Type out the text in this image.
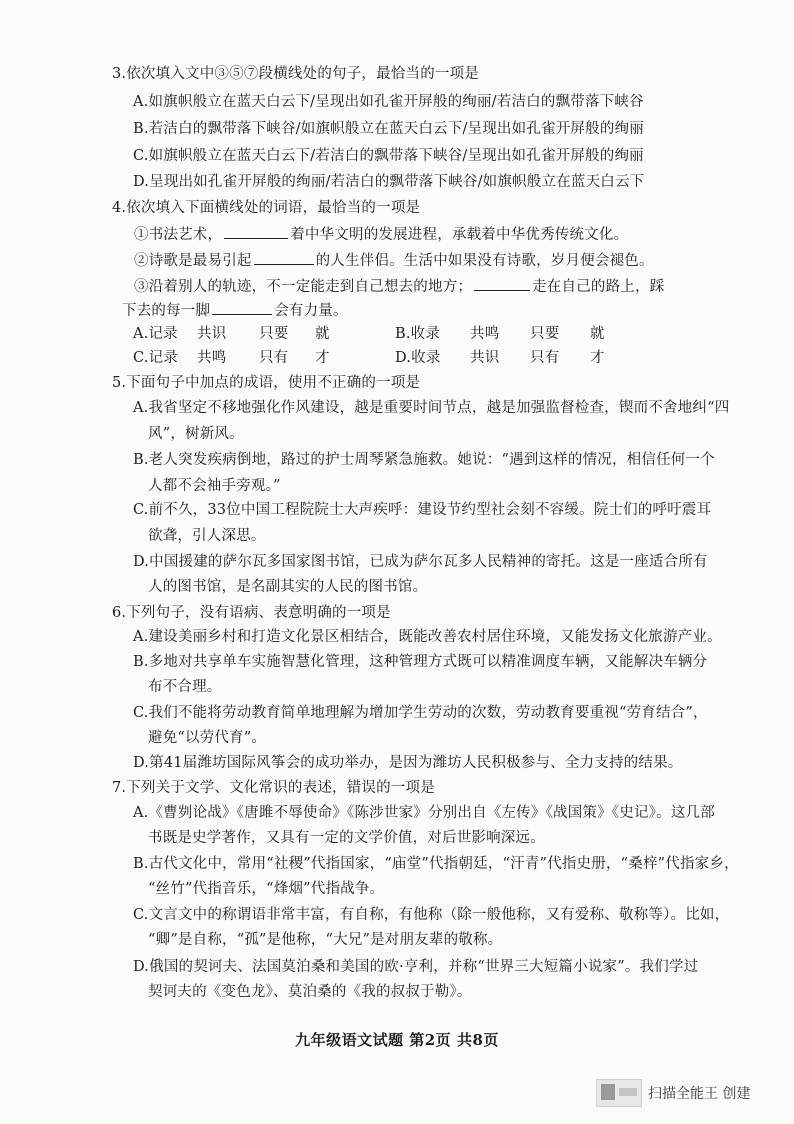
3.依次填入文中③⑤⑦段横线处的句子，最恰当的一项是
A.如旗帜般立在蓝天白云下/呈现出如孔雀开屏般的绚丽/若洁白的飘带落下峡谷
B.若洁白的飘带落下峡谷/如旗帜般立在蓝天白云下/呈现出如孔雀开屏般的绚丽
C.如旗帜般立在蓝天白云下/若洁白的飘带落下峡谷/呈现出如孔雀开屏般的绚丽
D.呈现出如孔雀开屏般的绚丽/若洁白的飘带落下峡谷/如旗帜般立在蓝天白云下
4.依次填入下面横线处的词语，最恰当的一项是
①书法艺术，	着中华文明的发展进程，承载着中华优秀传统文化。
②诗歌是最易引起	的人生伴侣。生活中如果没有诗歌，岁月便会褪色。
③沿着别人的轨迹，不一定能走到自己想去的地方；	走在自己的路上，踩
下去的每一脚	会有力量。
A.记录 共识 只要 就	B.收录 共鸣 只要 就
C.记录 共鸣 只有 才	D.收录 共识 只有 才
5.下面句子中加点的成语，使用不正确的一项是
A.我省坚定不移地强化作风建设，越是重要时间节点，越是加强监督检查，锲而不舍地纠“四
风”，树新风。
B.老人突发疾病倒地，路过的护士周琴紧急施救。她说：“遇到这样的情况，相信任何一个
人都不会袖手旁观。”
C.前不久，33位中国工程院院士大声疾呼：建设节约型社会刻不容缓。院士们的呼吁震耳
欲聋，引人深思。
D.中国援建的萨尔瓦多国家图书馆，已成为萨尔瓦多人民精神的寄托。这是一座适合所有
人的图书馆，是名副其实的人民的图书馆。
6.下列句子，没有语病、表意明确的一项是
A.建设美丽乡村和打造文化景区相结合，既能改善农村居住环境，又能发扬文化旅游产业。
B.多地对共享单车实施智慧化管理，这种管理方式既可以精准调度车辆，又能解决车辆分
布不合理。
C.我们不能将劳动教育简单地理解为增加学生劳动的次数，劳动教育要重视“劳育结合”，
避免“以劳代育”。
D.第41届潍坊国际风筝会的成功举办，是因为潍坊人民积极参与、全力支持的结果。
7.下列关于文学、文化常识的表述，错误的一项是
A.《曹刿论战》《唐雎不辱使命》《陈涉世家》分别出自《左传》《战国策》《史记》。这几部
书既是史学著作，又具有一定的文学价值，对后世影响深远。
B.古代文化中，常用“社稷”代指国家，“庙堂”代指朝廷，“汗青”代指史册，“桑梓”代指家乡，
“丝竹”代指音乐，“烽烟”代指战争。
C.文言文中的称谓语非常丰富，有自称，有他称（除一般他称，又有爱称、敬称等）。比如，
“卿”是自称，“孤”是他称，“大兄”是对朋友辈的敬称。
D.俄国的契诃夫、法国莫泊桑和美国的欧·亨利，并称“世界三大短篇小说家”。我们学过
契诃夫的《变色龙》、莫泊桑的《我的叔叔于勒》。
九年级语文试题 第2页 共8页
扫描全能王 创建
